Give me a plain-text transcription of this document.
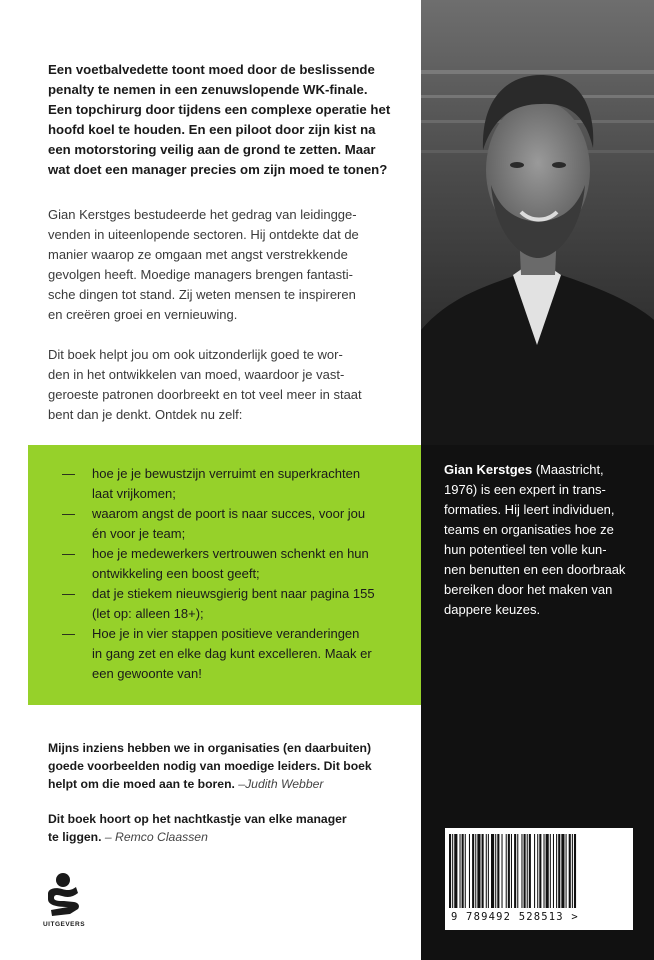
Een voetbalvedette toont moed door de beslissende
penalty te nemen in een zenuwslopende WK-finale.
Een topchirurg door tijdens een complexe operatie het
hoofd koel te houden. En een piloot door zijn kist na
een motorstoring veilig aan de grond te zetten. Maar
wat doet een manager precies om zijn moed te tonen?
Gian Kerstges bestudeerde het gedrag van leidingge-
venden in uiteenlopende sectoren. Hij ontdekte dat de
manier waarop ze omgaan met angst verstrekkende
gevolgen heeft. Moedige managers brengen fantasti-
sche dingen tot stand. Zij weten mensen te inspireren
en creëren groei en vernieuwing.
Dit boek helpt jou om ook uitzonderlijk goed te wor-
den in het ontwikkelen van moed, waardoor je vast-
geroeste patronen doorbreekt en tot veel meer in staat
bent dan je denkt. Ontdek nu zelf:
— hoe je je bewustzijn verruimt en superkrachten
laat vrijkomen;
— waarom angst de poort is naar succes, voor jou
én voor je team;
— hoe je medewerkers vertrouwen schenkt en hun
ontwikkeling een boost geeft;
— dat je stiekem nieuwsgierig bent naar pagina 155
(let op: alleen 18+);
— Hoe je in vier stappen positieve veranderingen
in gang zet en elke dag kunt excelleren. Maak er
een gewoonte van!
Mijns inziens hebben we in organisaties (en daarbuiten)
goede voorbeelden nodig van moedige leiders. Dit boek
helpt om die moed aan te boren. –Judith Webber
Dit boek hoort op het nachtkastje van elke manager
te liggen. – Remco Claassen
UITGEVERS
Gian Kerstges (Maastricht,
1976) is een expert in trans-
formaties. Hij leert individuen,
teams en organisaties hoe ze
hun potentieel ten volle kun-
nen benutten en een doorbraak
bereiken door het maken van
dappere keuzes.
9 789492 528513 >
